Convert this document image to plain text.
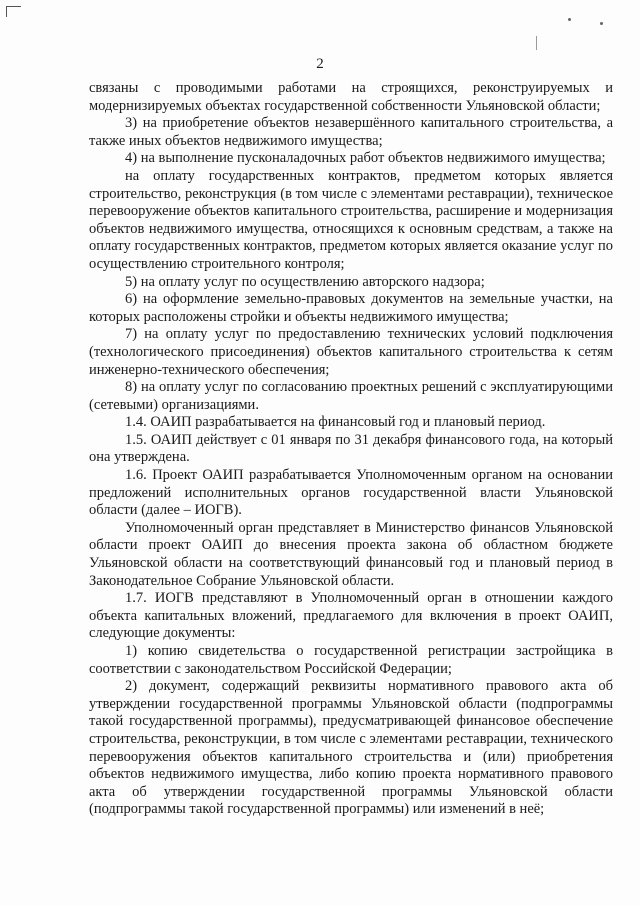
2

связаны с проводимыми работами на строящихся, реконструируемых и модернизируемых объектах государственной собственности Ульяновской области;

3) на приобретение объектов незавершённого капитального строительства, а также иных объектов недвижимого имущества;

4) на выполнение пусконаладочных работ объектов недвижимого имущества;

на оплату государственных контрактов, предметом которых является строительство, реконструкция (в том числе с элементами реставрации), техническое перевооружение объектов капитального строительства, расширение и модернизация объектов недвижимого имущества, относящихся к основным средствам, а также на оплату государственных контрактов, предметом которых является оказание услуг по осуществлению строительного контроля;

5) на оплату услуг по осуществлению авторского надзора;

6) на оформление земельно-правовых документов на земельные участки, на которых расположены стройки и объекты недвижимого имущества;

7) на оплату услуг по предоставлению технических условий подключения (технологического присоединения) объектов капитального строительства к сетям инженерно-технического обеспечения;

8) на оплату услуг по согласованию проектных решений с эксплуатирующими (сетевыми) организациями.

1.4. ОАИП разрабатывается на финансовый год и плановый период.

1.5. ОАИП действует с 01 января по 31 декабря финансового года, на который она утверждена.

1.6. Проект ОАИП разрабатывается Уполномоченным органом на основании предложений исполнительных органов государственной власти Ульяновской области (далее – ИОГВ).

Уполномоченный орган представляет в Министерство финансов Ульяновской области проект ОАИП до внесения проекта закона об областном бюджете Ульяновской области на соответствующий финансовый год и плановый период в Законодательное Собрание Ульяновской области.

1.7. ИОГВ представляют в Уполномоченный орган в отношении каждого объекта капитальных вложений, предлагаемого для включения в проект ОАИП, следующие документы:

1) копию свидетельства о государственной регистрации застройщика в соответствии с законодательством Российской Федерации;

2) документ, содержащий реквизиты нормативного правового акта об утверждении государственной программы Ульяновской области (подпрограммы такой государственной программы), предусматривающей финансовое обеспечение строительства, реконструкции, в том числе с элементами реставрации, технического перевооружения объектов капитального строительства и (или) приобретения объектов недвижимого имущества, либо копию проекта нормативного правового акта об утверждении государственной программы Ульяновской области (подпрограммы такой государственной программы) или изменений в неё;
